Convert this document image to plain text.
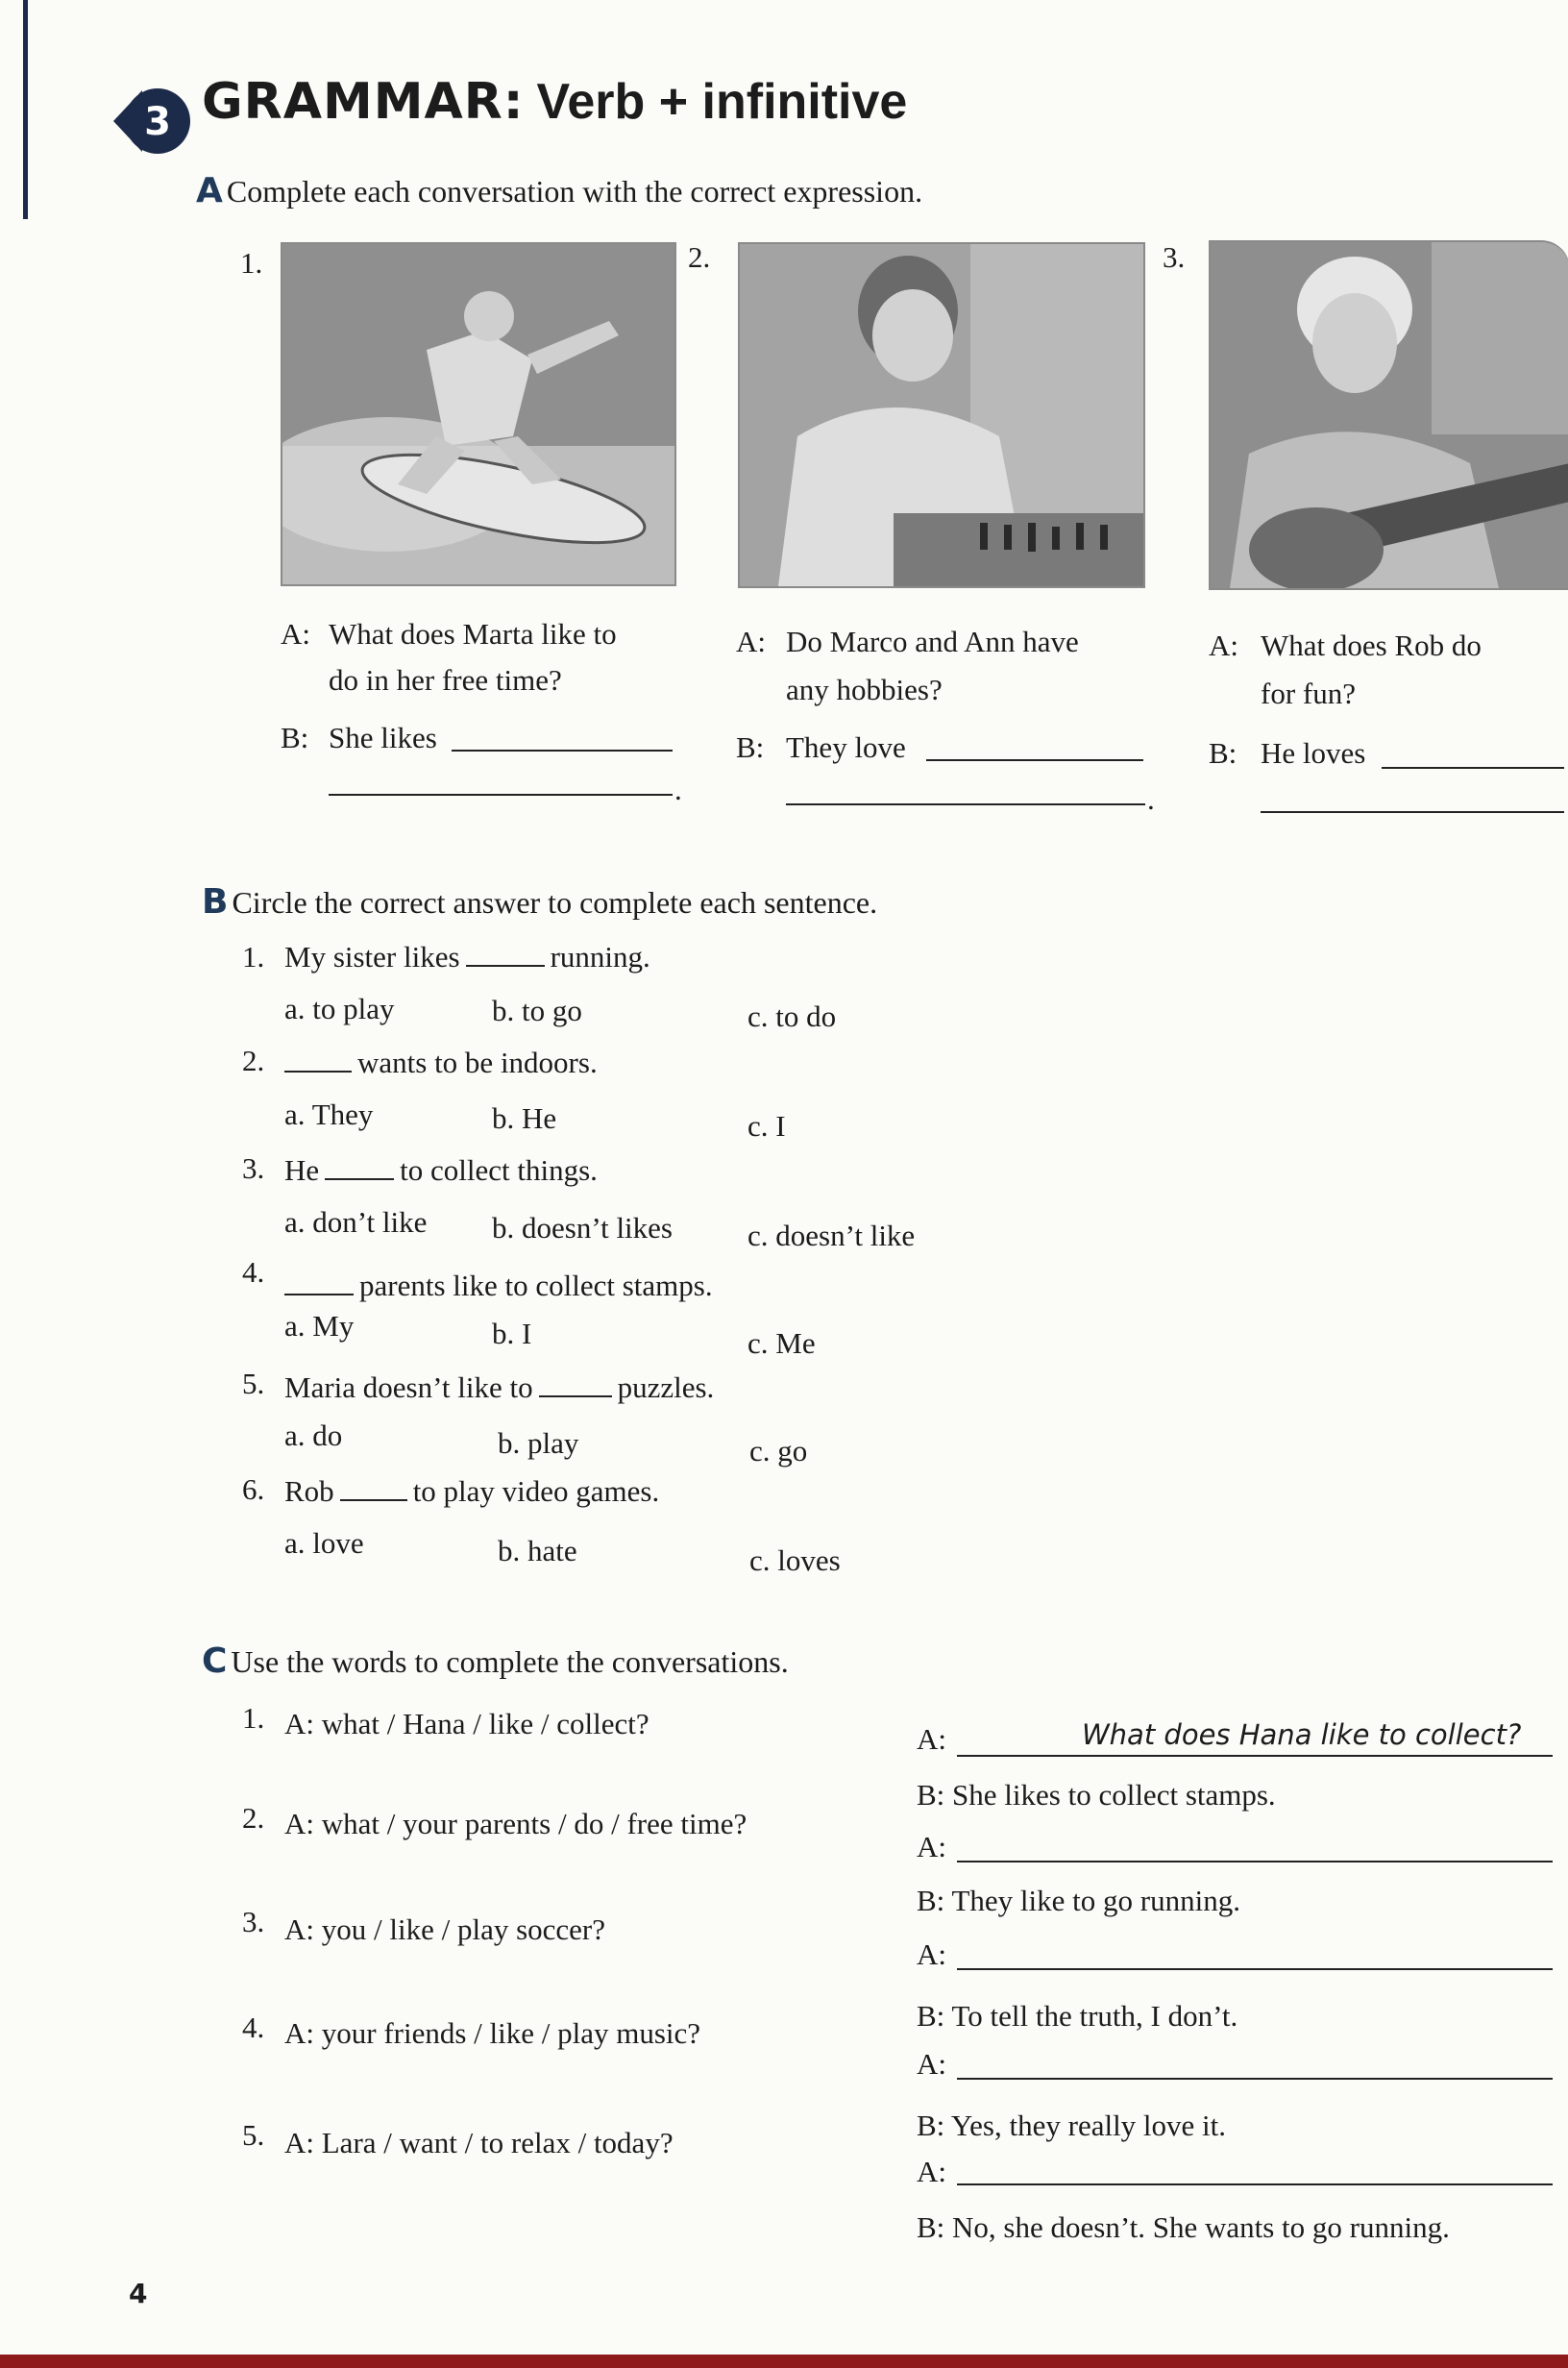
3 GRAMMAR: Verb + infinitive
A Complete each conversation with the correct expression.
1.	2.	3.
A: What does Marta like to
do in her free time?
B: She likes
.
A: Do Marco and Ann have
any hobbies?
B: They love
.
A: What does Rob do
for fun?
B: He loves
B Circle the correct answer to complete each sentence.
1. My sister likes	running.
a. to play	b. to go	c. to do
2.	wants to be indoors.
a. They	b. He	c. I
3. He	to collect things.
a. don’t like b. doesn’t likes	c. doesn’t like
4.	parents like to collect stamps.
a. My	b. I	c. Me
5. Maria doesn’t like to	puzzles.
a. do	b. play	c. go
6. Rob	to play video games.
a. love	b. hate	c. loves
C Use the words to complete the conversations.
1. A: what / Hana / like / collect?
2. A: what / your parents / do / free time?
3. A: you / like / play soccer?
4. A: your friends / like / play music?
5. A: Lara / want / to relax / today?
A:	What does Hana like to collect?
B: She likes to collect stamps.
A:
B: They like to go running.
A:
B: To tell the truth, I don’t.
A:
B: Yes, they really love it.
A:
B: No, she doesn’t. She wants to go running.
4
